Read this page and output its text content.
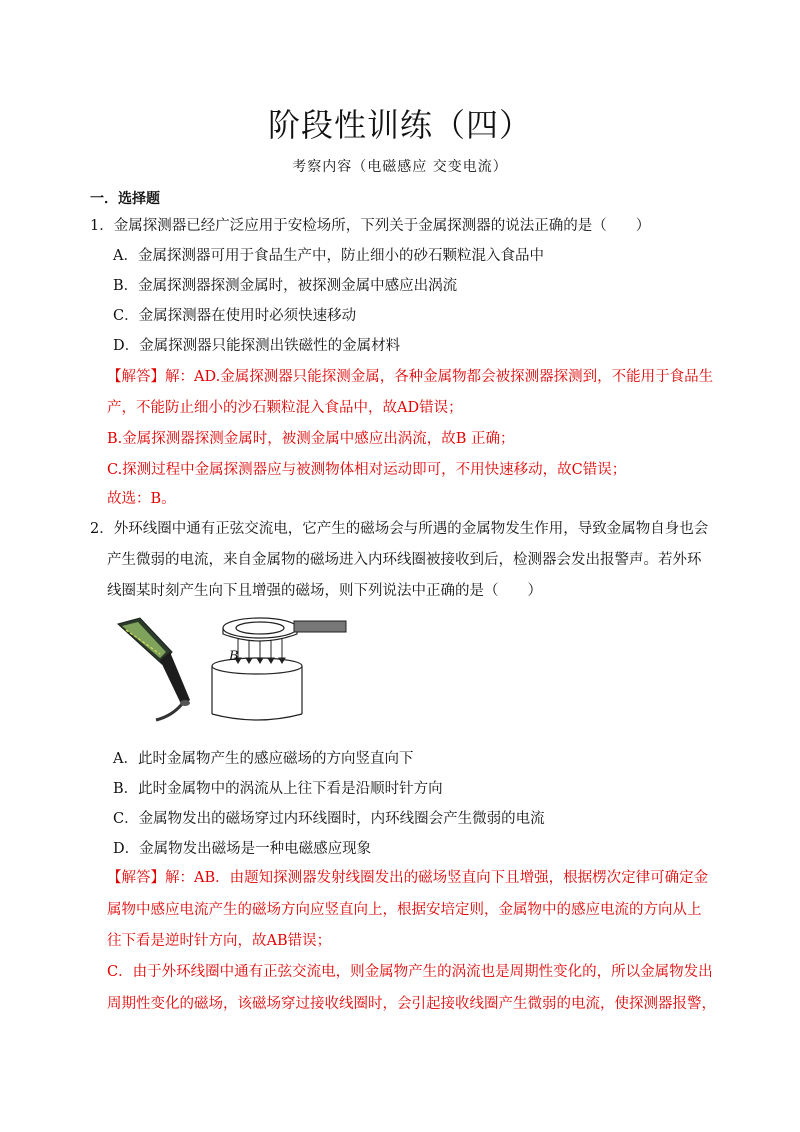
阶段性训练（四）
考察内容（电磁感应 交变电流）
一．选择题
1．金属探测器已经广泛应用于安检场所，下列关于金属探测器的说法正确的是（　　）
A．金属探测器可用于食品生产中，防止细小的砂石颗粒混入食品中
B．金属探测器探测金属时，被探测金属中感应出涡流
C．金属探测器在使用时必须快速移动
D．金属探测器只能探测出铁磁性的金属材料
【解答】解：AD.金属探测器只能探测金属，各种金属物都会被探测器探测到，不能用于食品生
产，不能防止细小的沙石颗粒混入食品中，故AD错误；
B.金属探测器探测金属时，被测金属中感应出涡流，故B 正确；
C.探测过程中金属探测器应与被测物体相对运动即可，不用快速移动，故C错误；
故选：B。
2．外环线圈中通有正弦交流电，它产生的磁场会与所遇的金属物发生作用，导致金属物自身也会
产生微弱的电流，来自金属物的磁场进入内环线圈被接收到后，检测器会发出报警声。若外环
线圈某时刻产生向下且增强的磁场，则下列说法中正确的是（　　）
B
A．此时金属物产生的感应磁场的方向竖直向下
B．此时金属物中的涡流从上往下看是沿顺时针方向
C．金属物发出的磁场穿过内环线圈时，内环线圈会产生微弱的电流
D．金属物发出磁场是一种电磁感应现象
【解答】解：AB．由题知探测器发射线圈发出的磁场竖直向下且增强，根据楞次定律可确定金
属物中感应电流产生的磁场方向应竖直向上，根据安培定则，金属物中的感应电流的方向从上
往下看是逆时针方向，故AB错误；
C．由于外环线圈中通有正弦交流电，则金属物产生的涡流也是周期性变化的，所以金属物发出
周期性变化的磁场，该磁场穿过接收线圈时，会引起接收线圈产生微弱的电流，使探测器报警，
